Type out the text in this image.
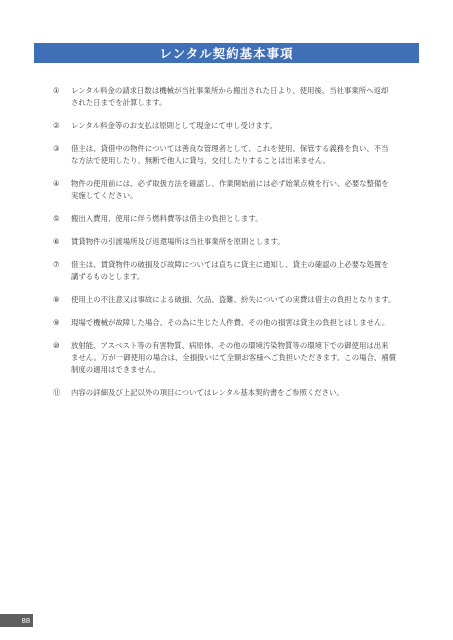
レンタル契約基本事項
①	レンタル料金の請求日数は機械が当社事業所から搬出された日より、使用後、当社事業所へ返却
された日までを計算します。
②	レンタル料金等のお支払は原則として現金にて申し受けます。
③	借主は、貸借中の物件については善良な管理者として、これを使用、保管する義務を負い、不当
な方法で使用したり、無断で他人に貸与、交付したりすることは出来ません。
④	物件の使用前には、必ず取扱方法を確認し、作業開始前には必ず始業点検を行い、必要な整備を
実施してください。
⑤	搬出入費用、使用に伴う燃料費等は借主の負担とします。
⑥	賃貸物件の引渡場所及び返還場所は当社事業所を原則とします。
⑦	借主は、賃貸物件の破損及び故障については直ちに貸主に通知し、貸主の確認の上必要な処置を
講ずるものとします。
⑧	使用上の不注意又は事故による破損、欠品、盗難、紛失についての実費は借主の負担となります。
⑨	現場で機械が故障した場合、その為に生じた人件費、その他の損害は貸主の負担とはしません。
⑩	放射能、アスベスト等の有害物質、病原体、その他の環境汚染物質等の環境下での御使用は出来
ません。万が一御使用の場合は、全損扱いにて全額お客様へご負担いただきます。この場合、補償
制度の適用はできません。
⑪	内容の詳細及び上記以外の項目についてはレンタル基本契約書をご参照ください。
88
